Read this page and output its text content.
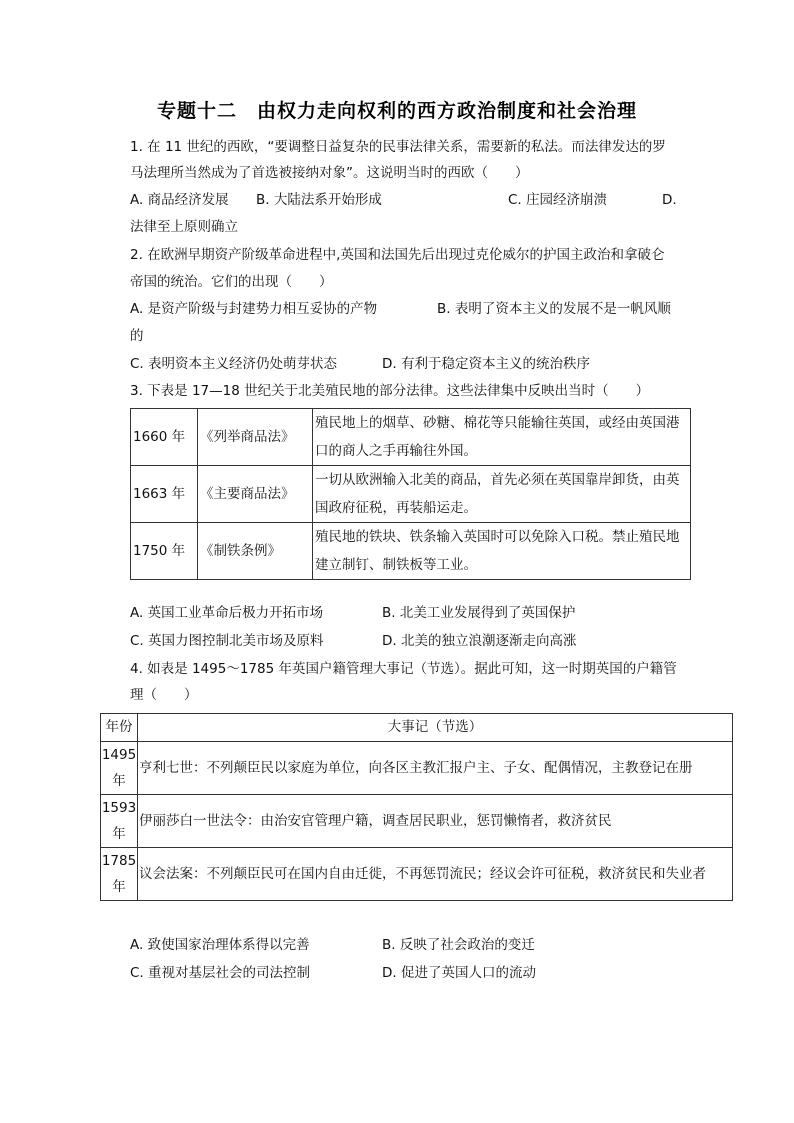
专题十二　由权力走向权利的西方政治制度和社会治理
1. 在 11 世纪的西欧，“要调整日益复杂的民事法律关系，需要新的私法。而法律发达的罗
马法理所当然成为了首选被接纳对象”。这说明当时的西欧（　　）
A. 商品经济发展 B. 大陆法系开始形成	C. 庄园经济崩溃	D.
法律至上原则确立
2. 在欧洲早期资产阶级革命进程中,英国和法国先后出现过克伦威尔的护国主政治和拿破仑
帝国的统治。它们的出现（　　）
A. 是资产阶级与封建势力相互妥协的产物	B. 表明了资本主义的发展不是一帆风顺
的
C. 表明资本主义经济仍处萌芽状态	D. 有利于稳定资本主义的统治秩序
3. 下表是 17—18 世纪关于北美殖民地的部分法律。这些法律集中反映出当时（　　）
1660 年	《列举商品法》	殖民地上的烟草、砂糖、棉花等只能输往英国，或经由英国港
口的商人之手再输往外国。

1663 年	《主要商品法》	一切从欧洲输入北美的商品，首先必须在英国靠岸卸货，由英
国政府征税，再装船运走。

1750 年	《制铁条例》	殖民地的铁块、铁条输入英国时可以免除入口税。禁止殖民地
建立制钉、制铁板等工业。
A. 英国工业革命后极力开拓市场	B. 北美工业发展得到了英国保护
C. 英国力图控制北美市场及原料	D. 北美的独立浪潮逐渐走向高涨
4. 如表是 1495～1785 年英国户籍管理大事记（节选）。据此可知，这一时期英国的户籍管
理（　　）
年份	大事记（节选）

1495
年	亨利七世：不列颠臣民以家庭为单位，向各区主教汇报户主、子女、配偶情况，主教登记在册

1593
年	伊丽莎白一世法令：由治安官管理户籍，调查居民职业，惩罚懒惰者，救济贫民

1785
年	议会法案：不列颠臣民可在国内自由迁徙，不再惩罚流民；经议会许可征税，救济贫民和失业者
A. 致使国家治理体系得以完善	B. 反映了社会政治的变迁
C. 重视对基层社会的司法控制	D. 促进了英国人口的流动
